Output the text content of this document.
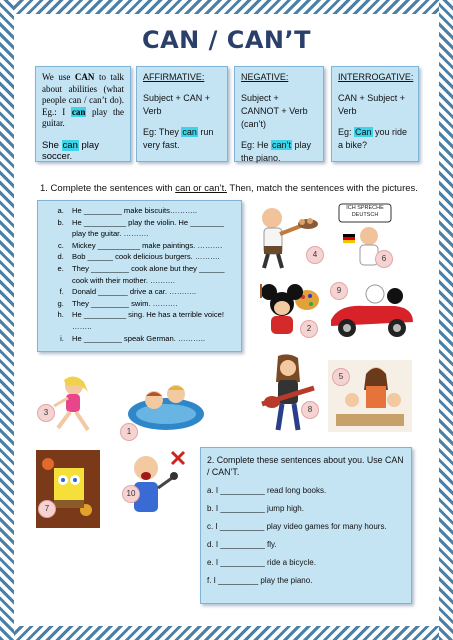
CAN / CAN’T

We use CAN to talk about abilities (what people can / can’t do). Eg.: I can play the guitar.

She can play soccer.

AFFIRMATIVE:
Subject + CAN + Verb
Eg: They can run very fast.
NEGATIVE:
Subject + CANNOT + Verb (can’t)
Eg: He can’t play the piano.
INTERROGATIVE:
CAN + Subject + Verb
Eg: Can you ride a bike?
1. Complete the sentences with can or can’t. Then, match the sentences with the pictures.
a. He _________ make biscuits………..
b. He __________ play the violin. He ________ play the guitar. ……….
c. Mickey __________ make paintings. ……….
d. Bob ______ cook delicious burgers. ……….
e. They _________ cook alone but they ______ cook with their mother. ……….
f. Donald _______ drive a car. ………..
g. They _________ swim. ……….
h. He __________ sing. He has a terrible voice! ……..
i. He _________ speak German. ………..
4
ICH SPRECHE DEUTSCH
6
2
9
3
1
8
5
7
10
2. Complete these sentences about you. Use CAN / CAN’T.
a. I __________ read long books.
b. I __________ jump high.
c. I __________ play video games for many hours.
d. I __________ fly.
e. I __________ ride a bicycle.
f. I _________ play the piano.
